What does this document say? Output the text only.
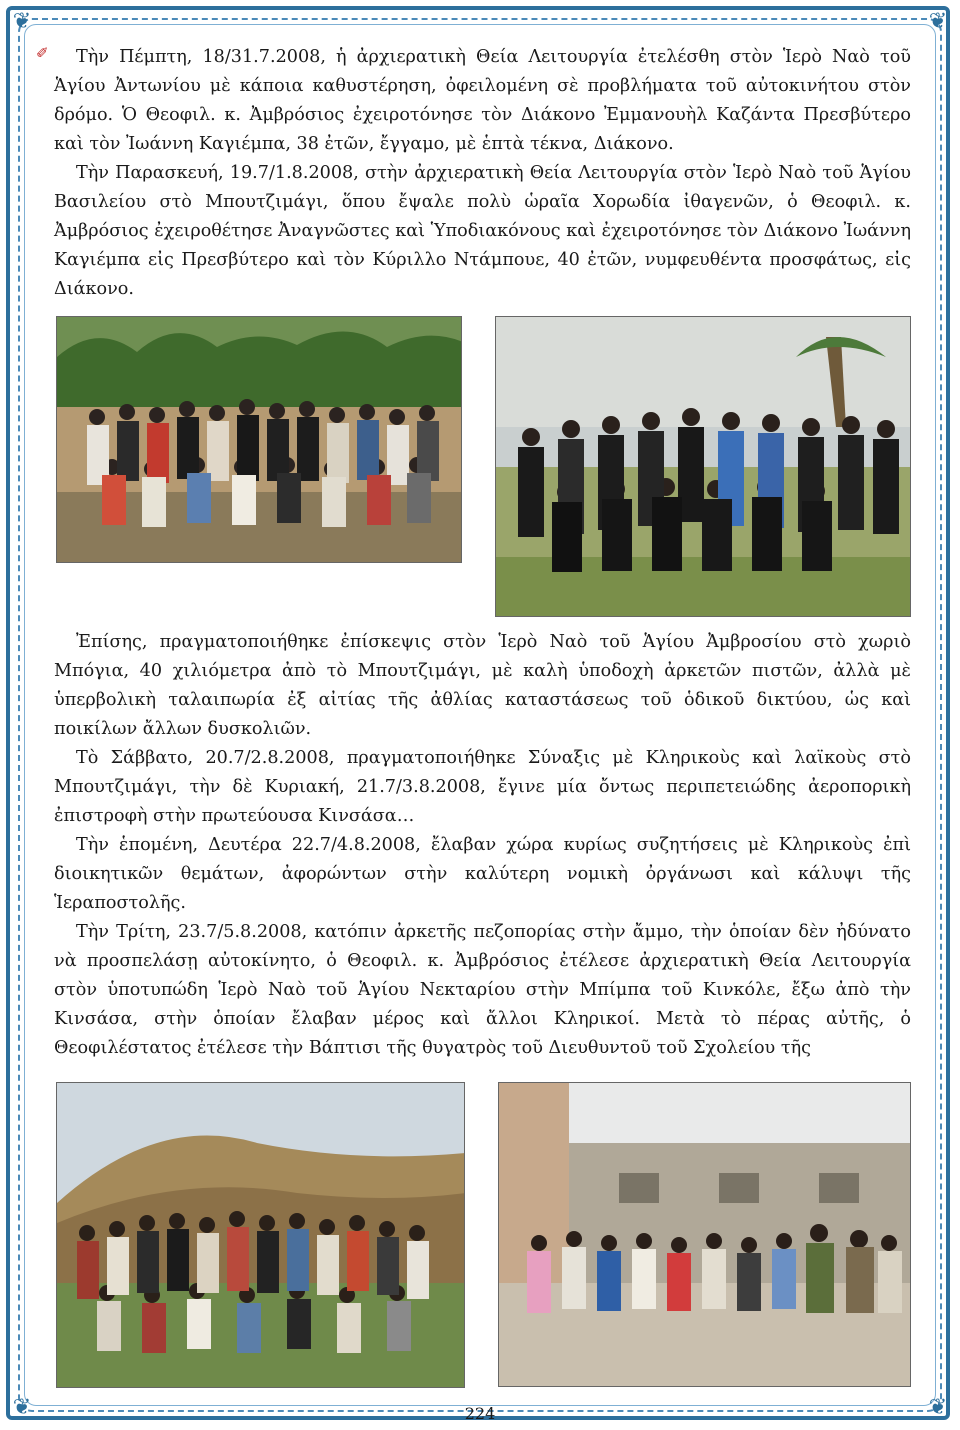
❦	❦
❦	❦
✐	Τὴν Πέμπτη, 18/31.7.2008, ἡ ἀρχιερατικὴ Θεία Λειτουργία ἐτελέσθη στὸν Ἱερὸ Ναὸ τοῦ Ἁγίου Ἀντωνίου μὲ κάποια καθυστέρηση, ὀφειλομένη σὲ προβλήματα τοῦ αὐτοκινήτου στὸν δρόμο. Ὁ Θεοφιλ. κ. Ἀμβρόσιος ἐχειροτόνησε τὸν Διάκονο Ἐμμανουὴλ Καζάντα Πρεσβύτερο καὶ τὸν Ἰωάννη Καγιέμπα, 38 ἐτῶν, ἔγγαμο, μὲ ἑπτὰ τέκνα, Διάκονο.

Τὴν Παρασκευή, 19.7/1.8.2008, στὴν ἀρχιερατικὴ Θεία Λειτουργία στὸν Ἱερὸ Ναὸ τοῦ Ἁγίου Βασιλείου στὸ Μπουτζιμάγι, ὅπου ἔψαλε πολὺ ὡραῖα Χορωδία ἰθαγενῶν, ὁ Θεοφιλ. κ. Ἀμβρόσιος ἐχειροθέτησε Ἀναγνῶστες καὶ Ὑποδιακόνους καὶ ἐχειροτόνησε τὸν Διάκονο Ἰωάννη Καγιέμπα εἰς Πρεσβύτερο καὶ τὸν Κύριλλο Ντάμπουε, 40 ἐτῶν, νυμφευθέντα προσφάτως, εἰς Διάκονο.

Ἐπίσης, πραγματοποιήθηκε ἐπίσκεψις στὸν Ἱερὸ Ναὸ τοῦ Ἁγίου Ἀμβροσίου στὸ χωριὸ Μπόγια, 40 χιλιόμετρα ἀπὸ τὸ Μπουτζιμάγι, μὲ καλὴ ὑποδοχὴ ἀρκετῶν πιστῶν, ἀλλὰ μὲ ὑπερβολικὴ ταλαιπωρία ἐξ αἰτίας τῆς ἀθλίας καταστάσεως τοῦ ὁδικοῦ δικτύου, ὡς καὶ ποικίλων ἄλλων δυσκολιῶν.

Τὸ Σάββατο, 20.7/2.8.2008, πραγματοποιήθηκε Σύναξις μὲ Κληρικοὺς καὶ λαϊκοὺς στὸ Μπουτζιμάγι, τὴν δὲ Κυριακή, 21.7/3.8.2008, ἔγινε μία ὄντως περιπετειώδης ἀεροπορικὴ ἐπιστροφὴ στὴν πρωτεύουσα Κινσάσα…

Τὴν ἑπομένη, Δευτέρα 22.7/4.8.2008, ἔλαβαν χώρα κυρίως συζητήσεις μὲ Κληρικοὺς ἐπὶ διοικητικῶν θεμάτων, ἀφορώντων στὴν καλύτερη νομικὴ ὀργάνωσι καὶ κάλυψι τῆς Ἱεραποστολῆς.

Τὴν Τρίτη, 23.7/5.8.2008, κατόπιν ἀρκετῆς πεζοπορίας στὴν ἄμμο, τὴν ὁποίαν δὲν ἠδύνατο νὰ προσπελάσῃ αὐτοκίνητο, ὁ Θεοφιλ. κ. Ἀμβρόσιος ἐτέλεσε ἀρχιερατικὴ Θεία Λειτουργία στὸν ὑποτυπώδη Ἱερὸ Ναὸ τοῦ Ἁγίου Νεκταρίου στὴν Μπίμπα τοῦ Κινκόλε, ἔξω ἀπὸ τὴν Κινσάσα, στὴν ὁποίαν ἔλαβαν μέρος καὶ ἄλλοι Κληρικοί. Μετὰ τὸ πέρας αὐτῆς, ὁ Θεοφιλέστατος ἐτέλεσε τὴν Βάπτισι τῆς θυγατρὸς τοῦ Διευθυντοῦ τοῦ Σχολείου τῆς

224
